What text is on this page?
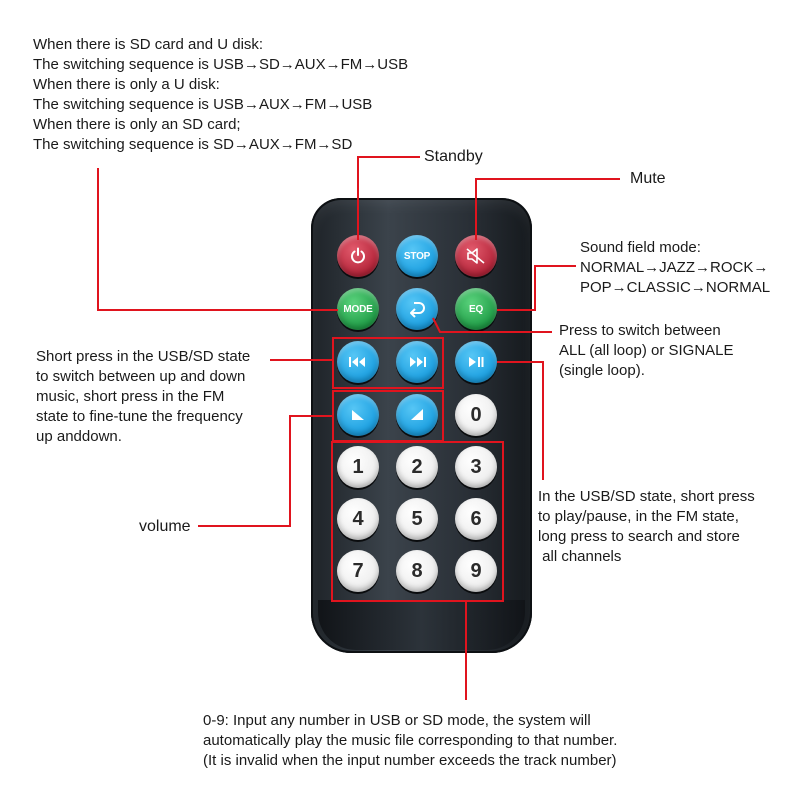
STOP
MODE	EQ
0
1	2	3
4	5	6
7	8	9
When there is SD card and U disk:
The switching sequence is USB→SD→AUX→FM→USB
When there is only a U disk:
The switching sequence is USB→AUX→FM→USB
When there is only an SD card;
The switching sequence is SD→AUX→FM→SD
Standby
Mute
Sound field mode:
NORMAL→JAZZ→ROCK→
POP→CLASSIC→NORMAL
Press to switch between
ALL (all loop) or SIGNALE
(single loop).
Short press in the USB/SD state
to switch between up and down
music, short press in the FM
state to fine-tune the frequency
up anddown.
volume
In the USB/SD state, short press
to play/pause, in the FM state,
long press to search and store
all channels
0-9: Input any number in USB or SD mode, the system will
automatically play the music file corresponding to that number.
(It is invalid when the input number exceeds the track number)
